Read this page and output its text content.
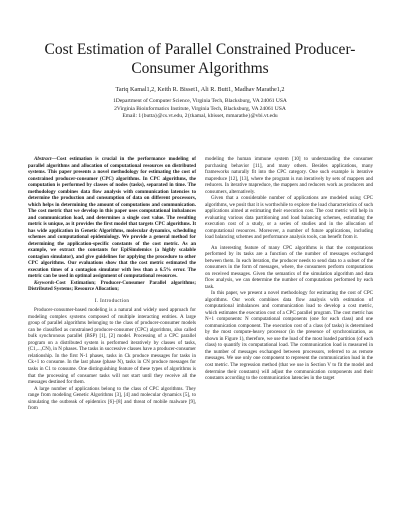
Cost Estimation of Parallel Constrained Producer-Consumer Algorithms
Tariq Kamal1,2, Keith R. Bisset1, Ali R. Butt1, Madhav Marathe1,2
1Department of Computer Science, Virginia Tech, Blacksburg, VA 24061 USA
2Virginia Bioinformatics Institute, Virginia Tech, Blacksburg, VA 24061 USA
Email: 1{butta}@cs.vt.edu, 2{tkamal, kbisset, mmarathe}@vbi.vt.edu

Abstract—Cost estimation is crucial in the performance modeling of parallel algorithms and allocation of computational resources on distributed systems. This paper presents a novel methodology for estimating the cost of constrained producer-consumer (CPC) algorithms. In CPC algorithms, the computation is performed by classes of nodes (tasks), separated in time. The methodology combines data flow analysis with communication latencies to determine the production and consumption of data on different processors, which helps in determining the amount of computations and communication. The cost metric that we develop in this paper uses computational imbalances and communication load, and determines a single cost value. The resulting metric is unique, as it provides the first model that targets CPC algorithms. It has wide application in Genetic Algorithms, molecular dynamics, scheduling schemes and computational epidemiology. We provide a general method for determining the application-specific constants of the cost metric. As an example, we extract the constants for EpiSimdemics (a highly scalable contagion simulator), and give guidelines for applying the procedure to other CPC algorithms. Our evaluations show that the cost metric estimated the execution times of a contagion simulator with less than a 6.5% error. The metric can be used in optimal assignment of computational resources.

Keywords-Cost Estimation; Producer-Consumer Parallel algorithms; Distributed Systems; Resource Allocation;

I. Introduction

Producer-consumer-based modeling is a natural and widely used approach for modeling complex systems composed of multiple interacting entities. A large group of parallel algorithms belonging to the class of producer-consumer models can be classified as constrained producer-consumer (CPC) algorithms, also called bulk synchronous parallel (BSP) [1], [2] model. Processing of a CPC parallel program on a distributed system is performed iteratively by classes of tasks, (C1,...,CN), in N phases. The tasks in successive classes have a producer-consumer relationship. In the first N-1 phases, tasks in Ck produce messages for tasks in Ck+1 to consume. In the last phase (phase N), tasks in CN produce messages for tasks in C1 to consume. One distinguishing feature of these types of algorithms is that the processing of consumer tasks will not start until they receive all the messages destined for them.

A large number of applications belong to the class of CPC algorithms. They range from modeling Genetic Algorithms [3], [4] and molecular dynamics [5], to simulating the outbreak of epidemics [6]–[8] and threat of mobile malware [9], from

modeling the human immune system [10] to understanding the consumer purchasing behavior [11], and many others. Besides applications, many frameworks naturally fit into the CPC category. One such example is iterative mapreduce [12], [13], where the program is run iteratively by sets of mappers and reducers. In iterative mapreduce, the mappers and reducers work as producers and consumers, alternatively.

Given that a considerable number of applications are modeled using CPC algorithms, we posit that it is worthwhile to explore the load characteristics of such applications aimed at estimating their execution cost. The cost metric will help in evaluating various data partitioning and load balancing schemes, estimating the execution cost of a study, or a series of studies and in the allocation of computational resources. Moreover, a number of future applications, including load balancing schemes and performance analysis tools, can benefit from it.

An interesting feature of many CPC algorithms is that the computations performed by its tasks are a function of the number of messages exchanged between them. In each iteration, the producer needs to send data to a subset of the consumers in the form of messages, where, the consumers perform computations on received messages. Given the semantics of the simulation algorithm and data flow analysis, we can determine the number of computations performed by each task.

In this paper, we present a novel methodology for estimating the cost of CPC algorithms. Our work combines data flow analysis with estimation of computational imbalances and communication load to develop a cost metric, which estimates the execution cost of a CPC parallel program. The cost metric has N+1 components: N computational components (one for each class) and one communication component. The execution cost of a class (of tasks) is determined by the most compute-heavy processor (in the presence of synchronization, as shown in Figure 1), therefore, we use the load of the most loaded partition (of each class) to quantify its computational load. The communication load is measured in the number of messages exchanged between processors, referred to as remote messages. We use only one component to represent the communication load in the cost metric. The regression method (that we use in Section V to fit the model and determine their constants) will adjust the communication components and their constants according to the communication latencies in the target
